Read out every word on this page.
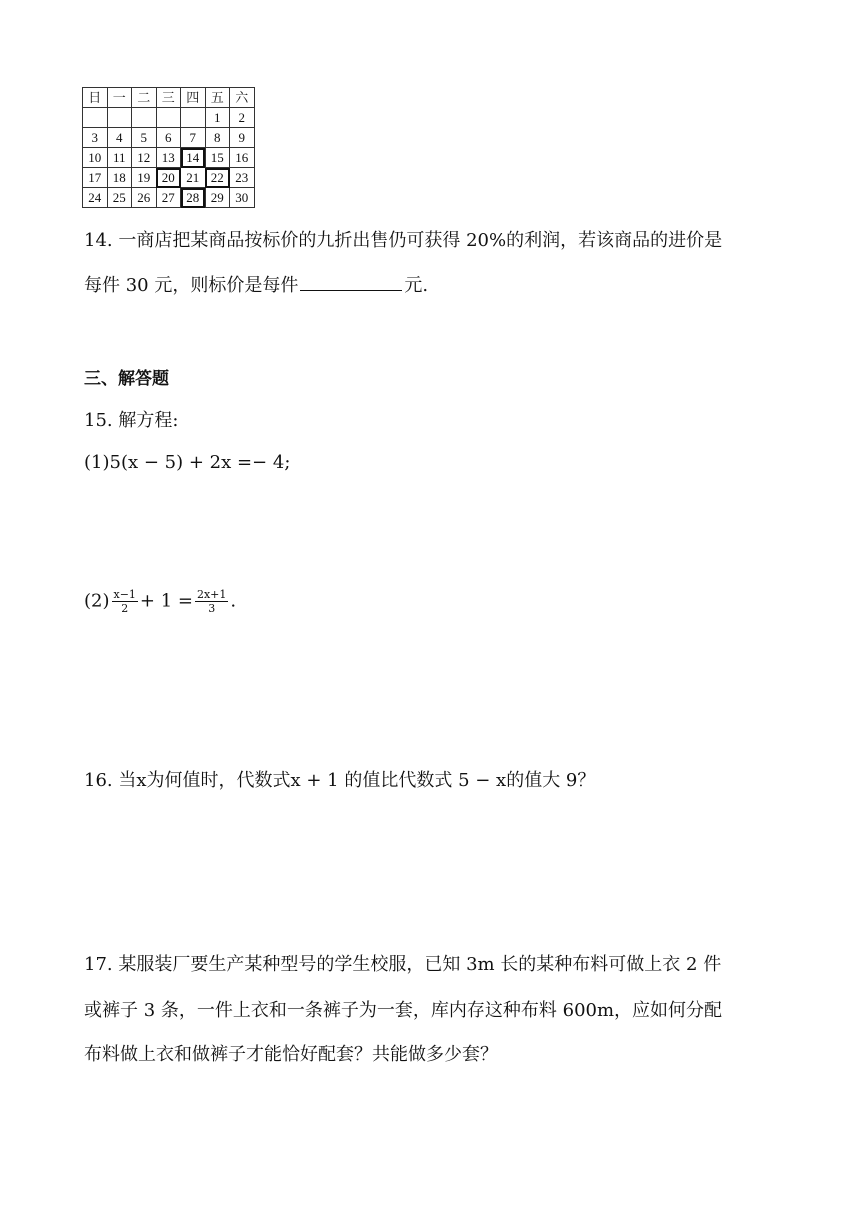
日	一	二	三	四	五	六
					1	2
3	4	5	6	7	8	9
10	11	12	13	14	15	16
17	18	19	20	21	22	23
24	25	26	27	28	29	30

14. 一商店把某商品按标价的九折出售仍可获得 20%的利润，若该商品的进价是

每件 30 元，则标价是每件	元.

三、解答题

15. 解方程:

(1)5(x − 5) + 2x =− 4;

$(2) \frac{x-1}{2} + 1 = \frac{2x+1}{3}$ .

16. 当x为何值时，代数式x + 1 的值比代数式 5 − x的值大 9？

17. 某服装厂要生产某种型号的学生校服，已知 3m 长的某种布料可做上衣 2 件

或裤子 3 条，一件上衣和一条裤子为一套，库内存这种布料 600m，应如何分配

布料做上衣和做裤子才能恰好配套？共能做多少套？
